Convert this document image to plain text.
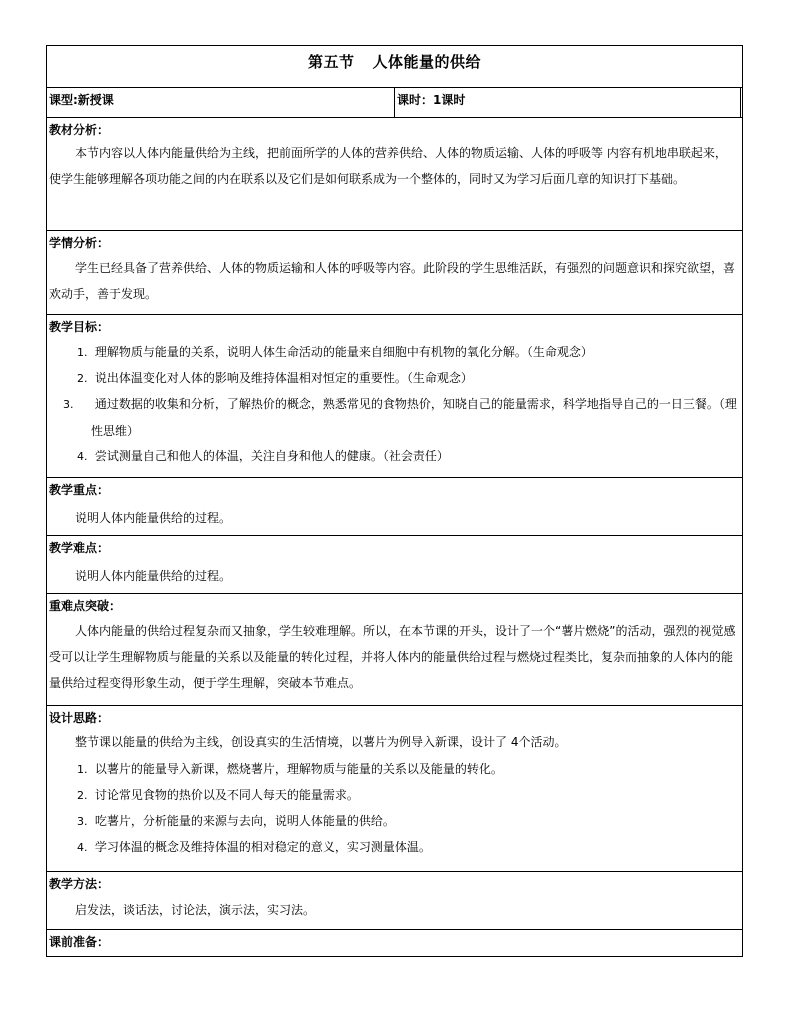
第五节 人体能量的供给
课型:新授课	课时：1课时
教材分析：
本节内容以人体内能量供给为主线，把前面所学的人体的营养供给、人体的物质运输、人体的呼吸等 内容有机地串联起来，使学生能够理解各项功能之间的内在联系以及它们是如何联系成为一个整体的，同时又为学习后面几章的知识打下基础。
学情分析：
学生已经具备了营养供给、人体的物质运输和人体的呼吸等内容。此阶段的学生思维活跃，有强烈的问题意识和探究欲望，喜欢动手，善于发现。
教学目标：
1. 理解物质与能量的关系，说明人体生命活动的能量来自细胞中有机物的氧化分解。（生命观念）
2. 说出体温变化对人体的影响及维持体温相对恒定的重要性。（生命观念）
3. 通过数据的收集和分析，了解热价的概念，熟悉常见的食物热价，知晓自己的能量需求，科学地指导自己的一日三餐。（理性思维）
4. 尝试测量自己和他人的体温，关注自身和他人的健康。（社会责任）
教学重点：
说明人体内能量供给的过程。
教学难点：
说明人体内能量供给的过程。
重难点突破：
人体内能量的供给过程复杂而又抽象，学生较难理解。所以，在本节课的开头，设计了一个“薯片燃烧”的活动，强烈的视觉感受可以让学生理解物质与能量的关系以及能量的转化过程，并将人体内的能量供给过程与燃烧过程类比，复杂而抽象的人体内的能量供给过程变得形象生动，便于学生理解，突破本节难点。
设计思路：
整节课以能量的供给为主线，创设真实的生活情境，以薯片为例导入新课，设计了 4个活动。
1. 以薯片的能量导入新课，燃烧薯片，理解物质与能量的关系以及能量的转化。
2. 讨论常见食物的热价以及不同人每天的能量需求。
3. 吃薯片，分析能量的来源与去向，说明人体能量的供给。
4. 学习体温的概念及维持体温的相对稳定的意义，实习测量体温。
教学方法：
启发法，谈话法，讨论法，演示法，实习法。
课前准备：
